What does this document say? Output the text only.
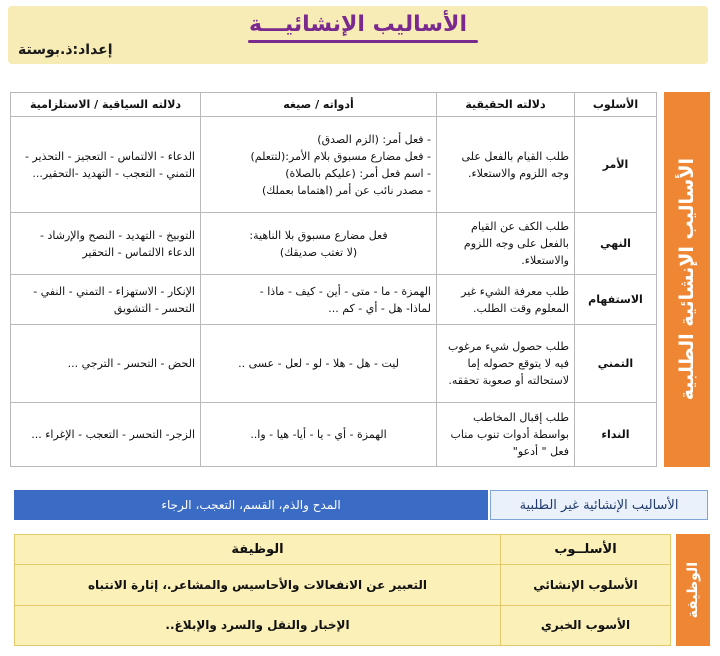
الأساليب الإنشائيـــة
إعداد:ذ.بوستة
الأساليب الإنشائية الطلبية
الأسلوب	دلالته الحقيقية	أدواته / صيغه	دلالته السياقية / الاستلزامية
الأمر	طلب القيام بالفعل على وجه اللزوم والاستعلاء.	- فعل أمر: (الزم الصدق)
- فعل مضارع مسبوق بلام الأمر:(لتتعلم)
- اسم فعل أمر: (عليكم بالصلاة)
- مصدر نائب عن أمر (اهتماما بعملك)	الدعاء - الالتماس - التعجيز - التحذير - التمني - التعجب - التهديد -التحقير...
النهي	طلب الكف عن القيام بالفعل على وجه اللزوم والاستعلاء.	فعل مضارع مسبوق بلا الناهية:
(لا تغتب صديقك)	التوبيخ - التهديد - النصح والإرشاد - الدعاء الالتماس - التحقير
الاستفهام	طلب معرفة الشيء غير المعلوم وقت الطلب.	الهمزة - ما - متى - أين - كيف - ماذا -
لماذا- هل - أي - كم ...	الإنكار - الاستهزاء - التمني - النفي - التحسر - التشويق
التمني	طلب حصول شيء مرغوب فيه لا يتوقع حصوله إما لاستحالته أو صعوبة تحققه.	ليت - هل - هلا - لو - لعل - عسى ..	الحض - التحسر - الترجي ...
النداء	طلب إقبال المخاطب بواسطة أدوات تنوب مناب فعل " أدعو"	الهمزة - أي - يا - أيا- هيا - وا..	الزجر- التحسر - التعجب - الإغراء ...
الأساليب الإنشائية غير الطلبية
المدح والذم، القسم، التعجب، الرجاء
الوظيفة
الأسلــوب	الوظيفة
الأسلوب الإنشائي	التعبير عن الانفعالات والأحاسيس والمشاعر.، إثارة الانتباه
الأسوب الخبري	الإخبار والنقل والسرد والإبلاغ..
